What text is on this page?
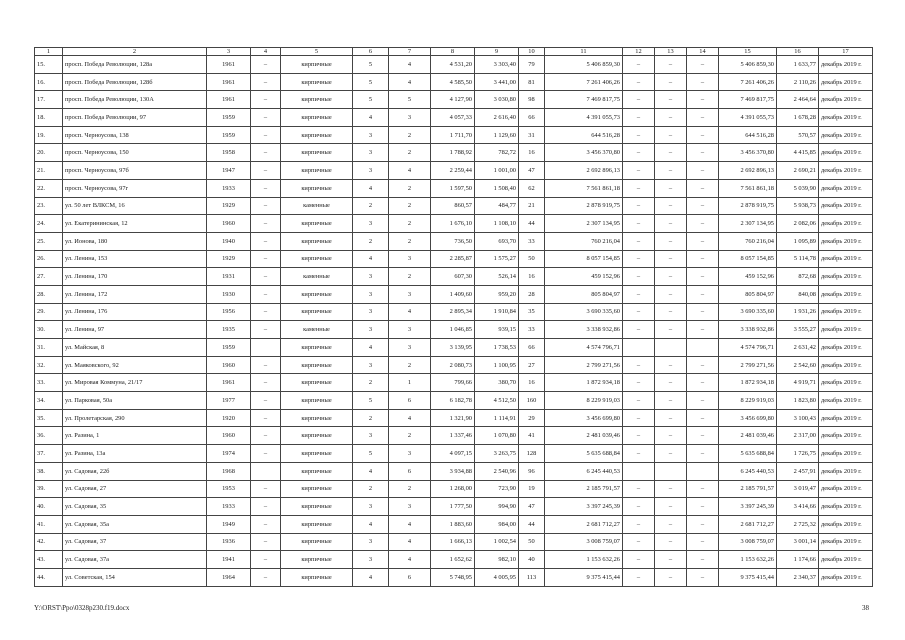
1	2	3	4	5	6	7	8	9	10	11	12	13	14	15	16	17
15.	просп. Победа Революции, 128а	1961	–	кирпичные	5	4	4 531,20	3 303,40	79	5 406 859,30	–	–	–	5 406 859,30	1 633,77	декабрь 2019 г.
16.	просп. Победа Революции, 128б	1961	–	кирпичные	5	4	4 585,50	3 441,00	81	7 261 406,26	–	–	–	7 261 406,26	2 110,26	декабрь 2019 г.
17.	просп. Победа Революции, 130А	1961	–	кирпичные	5	5	4 127,90	3 030,80	98	7 469 817,75	–	–	–	7 469 817,75	2 464,64	декабрь 2019 г.
18.	просп. Победа Революции, 97	1959	–	кирпичные	4	3	4 057,33	2 616,40	66	4 391 055,73	–	–	–	4 391 055,73	1 678,28	декабрь 2019 г.
19.	просп. Черноусова, 138	1959	–	кирпичные	3	2	1 711,70	1 129,60	31	644 516,28	–	–	–	644 516,28	570,57	декабрь 2019 г.
20.	просп. Черноусова, 150	1958	–	кирпичные	3	2	1 788,92	782,72	16	3 456 370,80	–	–	–	3 456 370,80	4 415,85	декабрь 2019 г.
21.	просп. Черноусова, 97б	1947	–	кирпичные	3	4	2 259,44	1 001,00	47	2 692 896,13	–	–	–	2 692 896,13	2 690,21	декабрь 2019 г.
22.	просп. Черноусова, 97г	1933	–	кирпичные	4	2	1 597,50	1 508,40	62	7 561 861,18	–	–	–	7 561 861,18	5 039,90	декабрь 2019 г.
23.	ул. 50 лет ВЛКСМ, 16	1929	–	каменные	2	2	860,57	484,77	21	2 878 919,75	–	–	–	2 878 919,75	5 938,73	декабрь 2019 г.
24.	ул. Екатерининская, 12	1960	–	кирпичные	3	2	1 676,10	1 108,10	44	2 307 134,95	–	–	–	2 307 134,95	2 082,06	декабрь 2019 г.
25.	ул. Ионова, 180	1940	–	кирпичные	2	2	736,50	693,70	33	760 216,04	–	–	–	760 216,04	1 095,89	декабрь 2019 г.
26.	ул. Ленина, 153	1929	–	кирпичные	4	3	2 285,87	1 575,27	50	8 057 154,85	–	–	–	8 057 154,85	5 114,78	декабрь 2019 г.
27.	ул. Ленина, 170	1931	–	каменные	3	2	607,30	526,14	16	459 152,96	–	–	–	459 152,96	872,68	декабрь 2019 г.
28.	ул. Ленина, 172	1930	–	кирпичные	3	3	1 409,60	959,20	28	805 804,97	–	–	–	805 804,97	840,08	декабрь 2019 г.
29.	ул. Ленина, 176	1956	–	кирпичные	3	4	2 895,34	1 910,84	35	3 690 335,60	–	–	–	3 690 335,60	1 931,26	декабрь 2019 г.
30.	ул. Ленина, 97	1935	–	каменные	3	3	1 046,85	939,15	33	3 338 932,86	–	–	–	3 338 932,86	3 555,27	декабрь 2019 г.
31.	ул. Майская, 8	1959		кирпичные	4	3	3 139,95	1 738,53	66	4 574 796,71				4 574 796,71	2 631,42	декабрь 2019 г.
32.	ул. Маяковского, 92	1960	–	кирпичные	3	2	2 080,73	1 100,95	27	2 799 271,56	–	–	–	2 799 271,56	2 542,60	декабрь 2019 г.
33.	ул. Мировая Коммуна, 21/17	1961	–	кирпичные	2	1	799,66	380,70	16	1 872 934,18	–	–	–	1 872 934,18	4 919,71	декабрь 2019 г.
34.	ул. Парковая, 50а	1977	–	кирпичные	5	6	6 182,78	4 512,50	160	8 229 919,03	–	–	–	8 229 919,03	1 823,80	декабрь 2019 г.
35.	ул. Пролетарская, 290	1920	–	кирпичные	2	4	1 321,90	1 114,91	29	3 456 699,80	–	–	–	3 456 699,80	3 100,43	декабрь 2019 г.
36.	ул. Разина, 1	1960	–	кирпичные	3	2	1 337,46	1 070,80	41	2 481 039,46	–	–	–	2 481 039,46	2 317,00	декабрь 2019 г.
37.	ул. Разина, 13а	1974	–	кирпичные	5	3	4 097,15	3 263,75	128	5 635 688,84	–	–	–	5 635 688,84	1 726,75	декабрь 2019 г.
38.	ул. Садовая, 22б	1968		кирпичные	4	6	3 934,88	2 540,96	96	6 245 440,53				6 245 440,53	2 457,91	декабрь 2019 г.
39.	ул. Садовая, 27	1953	–	кирпичные	2	2	1 268,00	723,90	19	2 185 791,57	–	–	–	2 185 791,57	3 019,47	декабрь 2019 г.
40.	ул. Садовая, 35	1933	–	кирпичные	3	3	1 777,50	994,90	47	3 397 245,39	–	–	–	3 397 245,39	3 414,66	декабрь 2019 г.
41.	ул. Садовая, 35а	1949	–	кирпичные	4	4	1 883,60	984,00	44	2 681 712,27	–	–	–	2 681 712,27	2 725,32	декабрь 2019 г.
42.	ул. Садовая, 37	1936	–	кирпичные	3	4	1 666,13	1 002,54	50	3 008 759,07	–	–	–	3 008 759,07	3 001,14	декабрь 2019 г.
43.	ул. Садовая, 37а	1941	–	кирпичные	3	4	1 652,62	982,10	40	1 153 632,26	–	–	–	1 153 632,26	1 174,66	декабрь 2019 г.
44.	ул. Советская, 154	1964	–	кирпичные	4	6	5 748,95	4 005,95	113	9 375 415,44	–	–	–	9 375 415,44	2 340,37	декабрь 2019 г.
Y:\ORST\Ppo\0328p230.f19.docx	38
